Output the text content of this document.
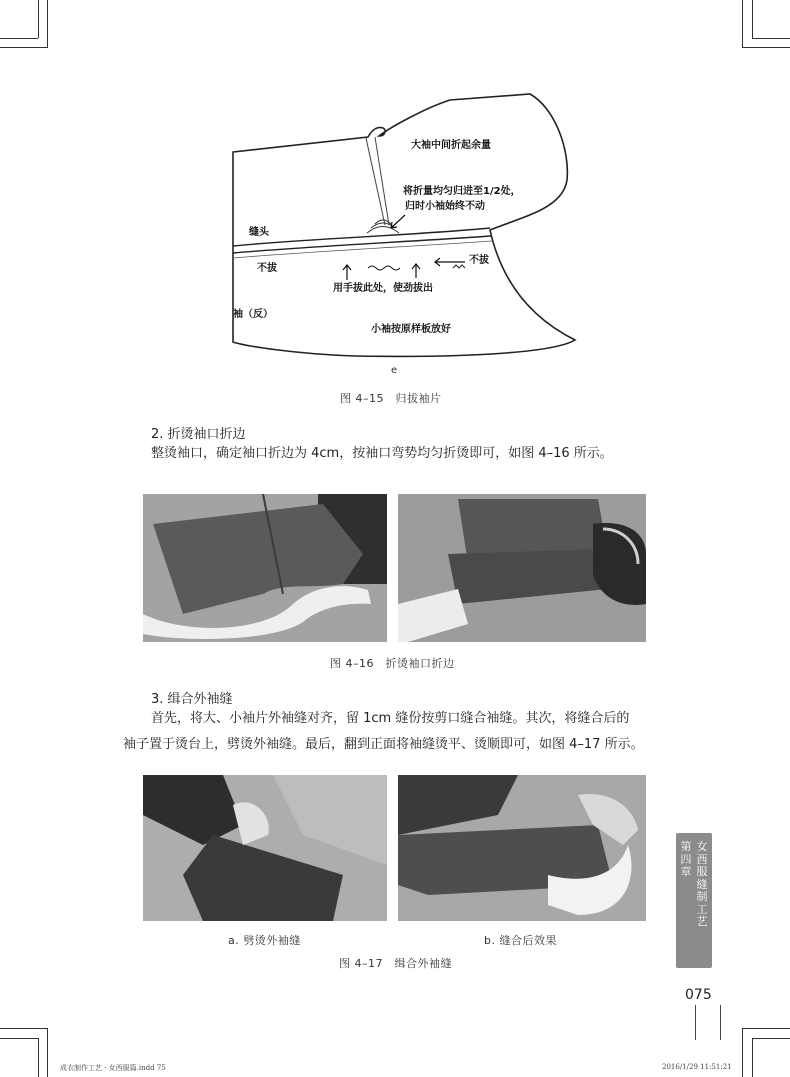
大袖中间折起余量
将折量均匀归进至1/2处，
归时小袖始终不动
缝头
不拔
不拔
用手拔此处，使劲拔出
袖（反）
小袖按原样板放好
e
图 4–15　归拔袖片
2. 折烫袖口折边
整烫袖口，确定袖口折边为 4cm，按袖口弯势均匀折烫即可，如图 4–16 所示。
图 4–16　折烫袖口折边
3. 缉合外袖缝
首先，将大、小袖片外袖缝对齐，留 1cm 缝份按剪口缝合袖缝。其次，将缝合后的
袖子置于烫台上，劈烫外袖缝。最后，翻到正面将袖缝烫平、烫顺即可，如图 4–17 所示。
a. 劈烫外袖缝	b. 缝合后效果
图 4–17　缉合外袖缝
第四章
女西服缝制工艺
075
成衣制作工艺 · 女西服篇.indd 75	2016/1/29 11:51:21
